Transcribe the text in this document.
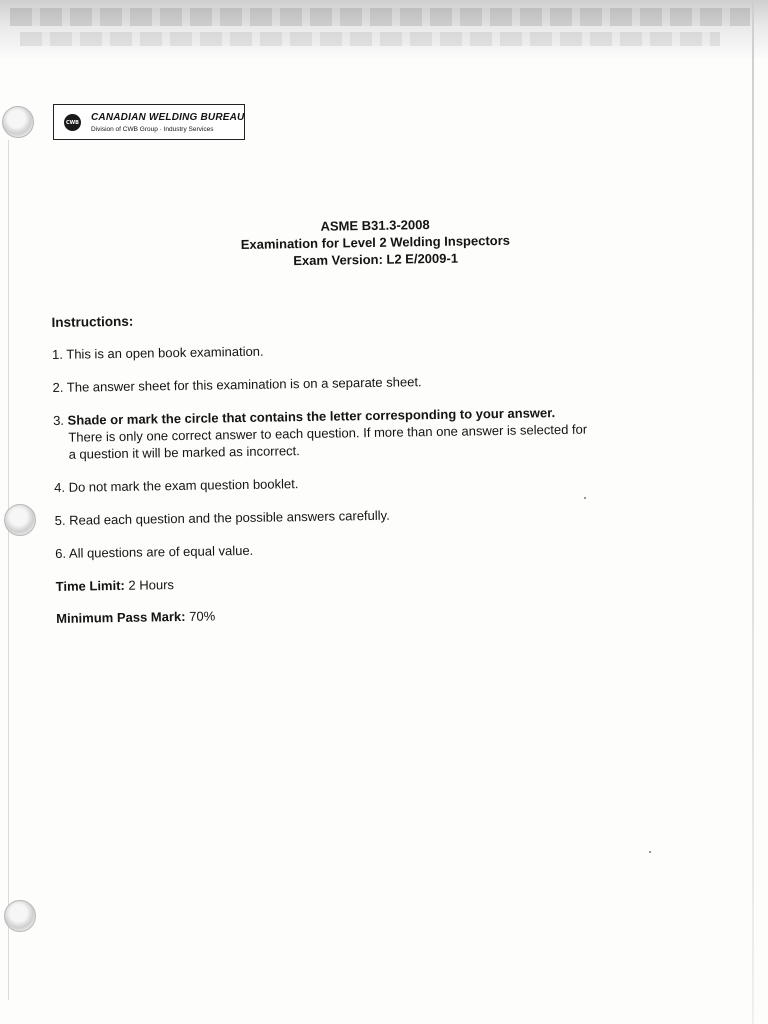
CWB CANADIAN WELDING BUREAU
Division of CWB Group · Industry Services
ASME B31.3-2008
Examination for Level 2 Welding Inspectors
Exam Version: L2 E/2009-1
Instructions:
1. This is an open book examination.
2. The answer sheet for this examination is on a separate sheet.
3. Shade or mark the circle that contains the letter corresponding to your answer.
There is only one correct answer to each question. If more than one answer is selected for
a question it will be marked as incorrect.
4. Do not mark the exam question booklet.
5. Read each question and the possible answers carefully.
6. All questions are of equal value.
Time Limit: 2 Hours
Minimum Pass Mark: 70%
